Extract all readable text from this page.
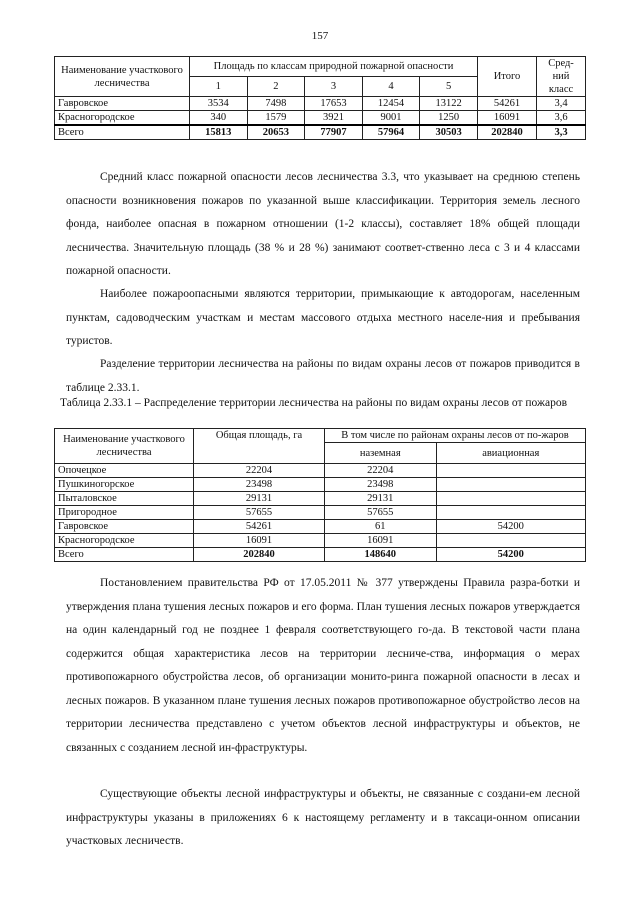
157
Наименование участкового лесничества	Площадь по классам природной пожарной опасности					Итого	Сред-ний класс
	1	2	3	4	5		
Гавровское	3534	7498	17653	12454	13122	54261	3,4
Красногородское	340	1579	3921	9001	1250	16091	3,6
Всего	15813	20653	77907	57964	30503	202840	3,3
Средний класс пожарной опасности лесов лесничества 3.3, что указывает на среднюю степень опасности возникновения пожаров по указанной выше классификации. Территория земель лесного фонда, наиболее опасная в пожарном отношении (1-2 классы), составляет 18% общей площади лесничества. Значительную площадь (38 % и 28 %) занимают соответ-ственно леса с 3 и 4 классами пожарной опасности.
Наиболее пожароопасными являются территории, примыкающие к автодорогам, населенным пунктам, садоводческим участкам и местам массового отдыха местного населе-ния и пребывания туристов.
Разделение территории лесничества на районы по видам охраны лесов от пожаров приводится в таблице 2.33.1.
Таблица 2.33.1 – Распределение территории лесничества на районы по видам охраны лесов от пожаров
Наименование участкового лесничества	Общая площадь, га	В том числе по районам охраны лесов от по-жаров	
		наземная	авиационная
Опочецкое	22204	22204	
Пушкиногорское	23498	23498	
Пыталовское	29131	29131	
Пригородное	57655	57655	
Гавровское	54261	61	54200
Красногородское	16091	16091	
Всего	202840	148640	54200
Постановлением правительства РФ от 17.05.2011 № 377 утверждены Правила разра-ботки и утверждения плана тушения лесных пожаров и его форма. План тушения лесных пожаров утверждается на один календарный год не позднее 1 февраля соответствующего го-да. В текстовой части плана содержится общая характеристика лесов на территории лесниче-ства, информация о мерах противопожарного обустройства лесов, об организации монито-ринга пожарной опасности в лесах и лесных пожаров. В указанном плане тушения лесных пожаров противопожарное обустройство лесов на территории лесничества представлено с учетом объектов лесной инфраструктуры и объектов, не связанных с созданием лесной ин-фраструктуры.
Существующие объекты лесной инфраструктуры и объекты, не связанные с создани-ем лесной инфраструктуры указаны в приложениях 6 к настоящему регламенту и в таксаци-онном описании участковых лесничеств.
